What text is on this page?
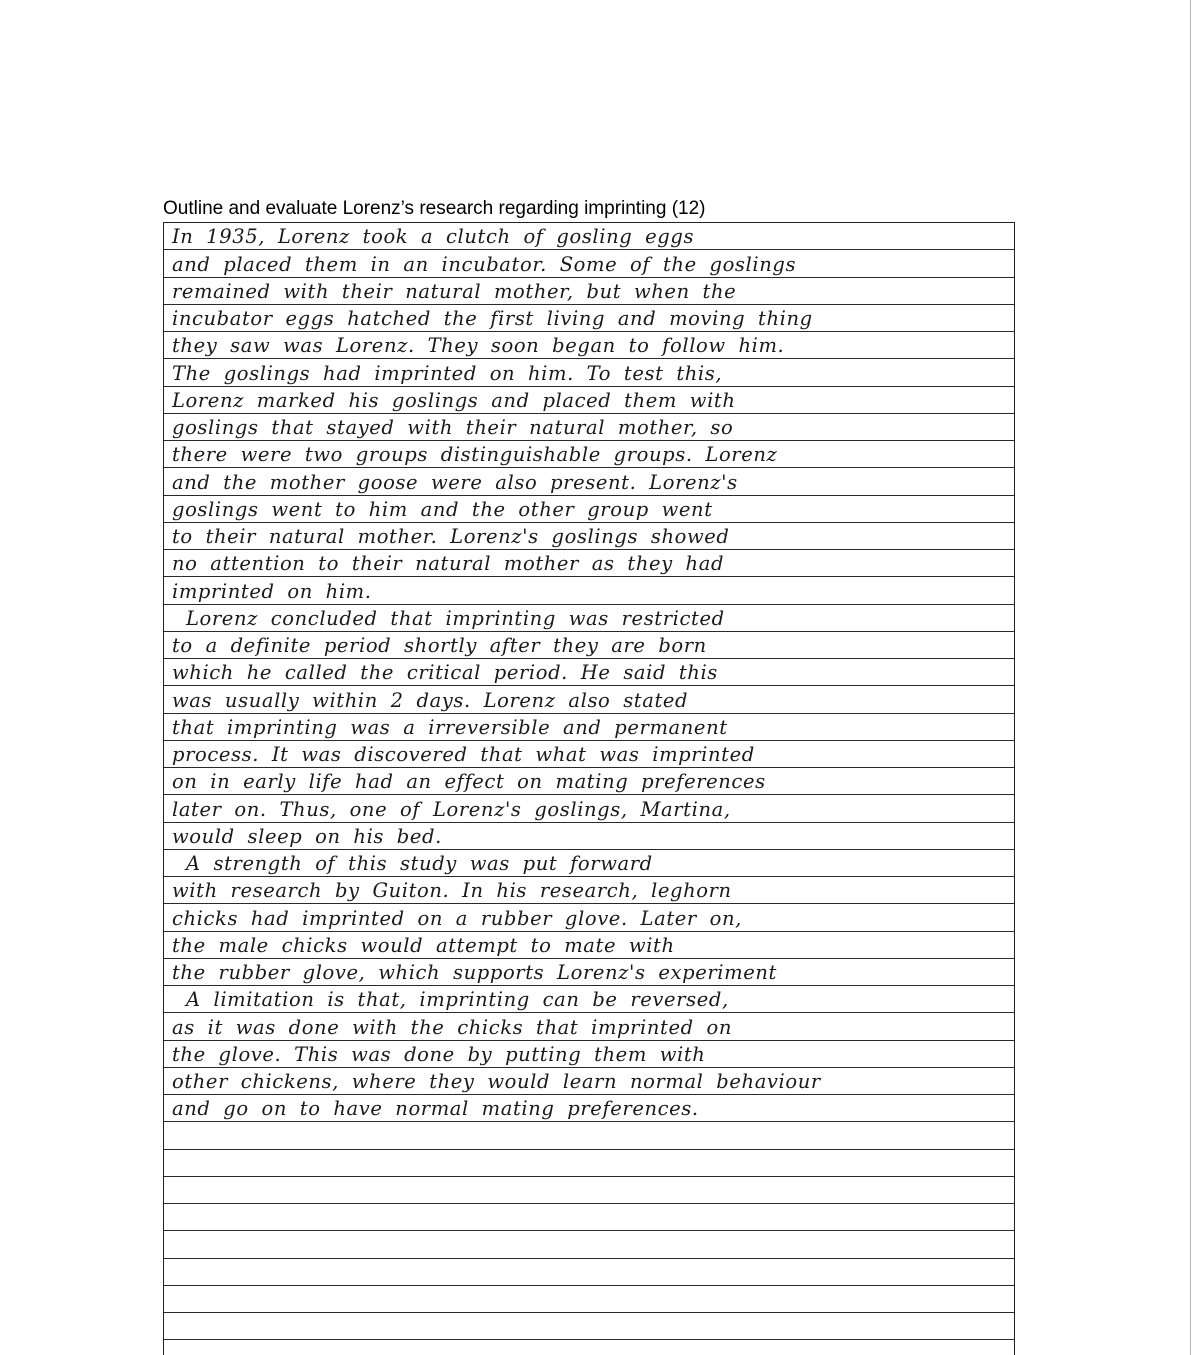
Outline and evaluate Lorenz’s research regarding imprinting (12)
In 1935, Lorenz took a clutch of gosling eggs
and placed them in an incubator. Some of the goslings
remained with their natural mother, but when the
incubator eggs hatched the first living and moving thing
they saw was Lorenz. They soon began to follow him.
The goslings had imprinted on him. To test this,
Lorenz marked his goslings and placed them with
goslings that stayed with their natural mother, so
there were two groups distinguishable groups. Lorenz
and the mother goose were also present. Lorenz's
goslings went to him and the other group went
to their natural mother. Lorenz's goslings showed
no attention to their natural mother as they had
imprinted on him.
Lorenz concluded that imprinting was restricted
to a definite period shortly after they are born
which he called the critical period. He said this
was usually within 2 days. Lorenz also stated
that imprinting was a irreversible and permanent
process. It was discovered that what was imprinted
on in early life had an effect on mating preferences
later on. Thus, one of Lorenz's goslings, Martina,
would sleep on his bed.
A strength of this study was put forward
with research by Guiton. In his research, leghorn
chicks had imprinted on a rubber glove. Later on,
the male chicks would attempt to mate with
the rubber glove, which supports Lorenz's experiment
A limitation is that, imprinting can be reversed,
as it was done with the chicks that imprinted on
the glove. This was done by putting them with
other chickens, where they would learn normal behaviour
and go on to have normal mating preferences.
